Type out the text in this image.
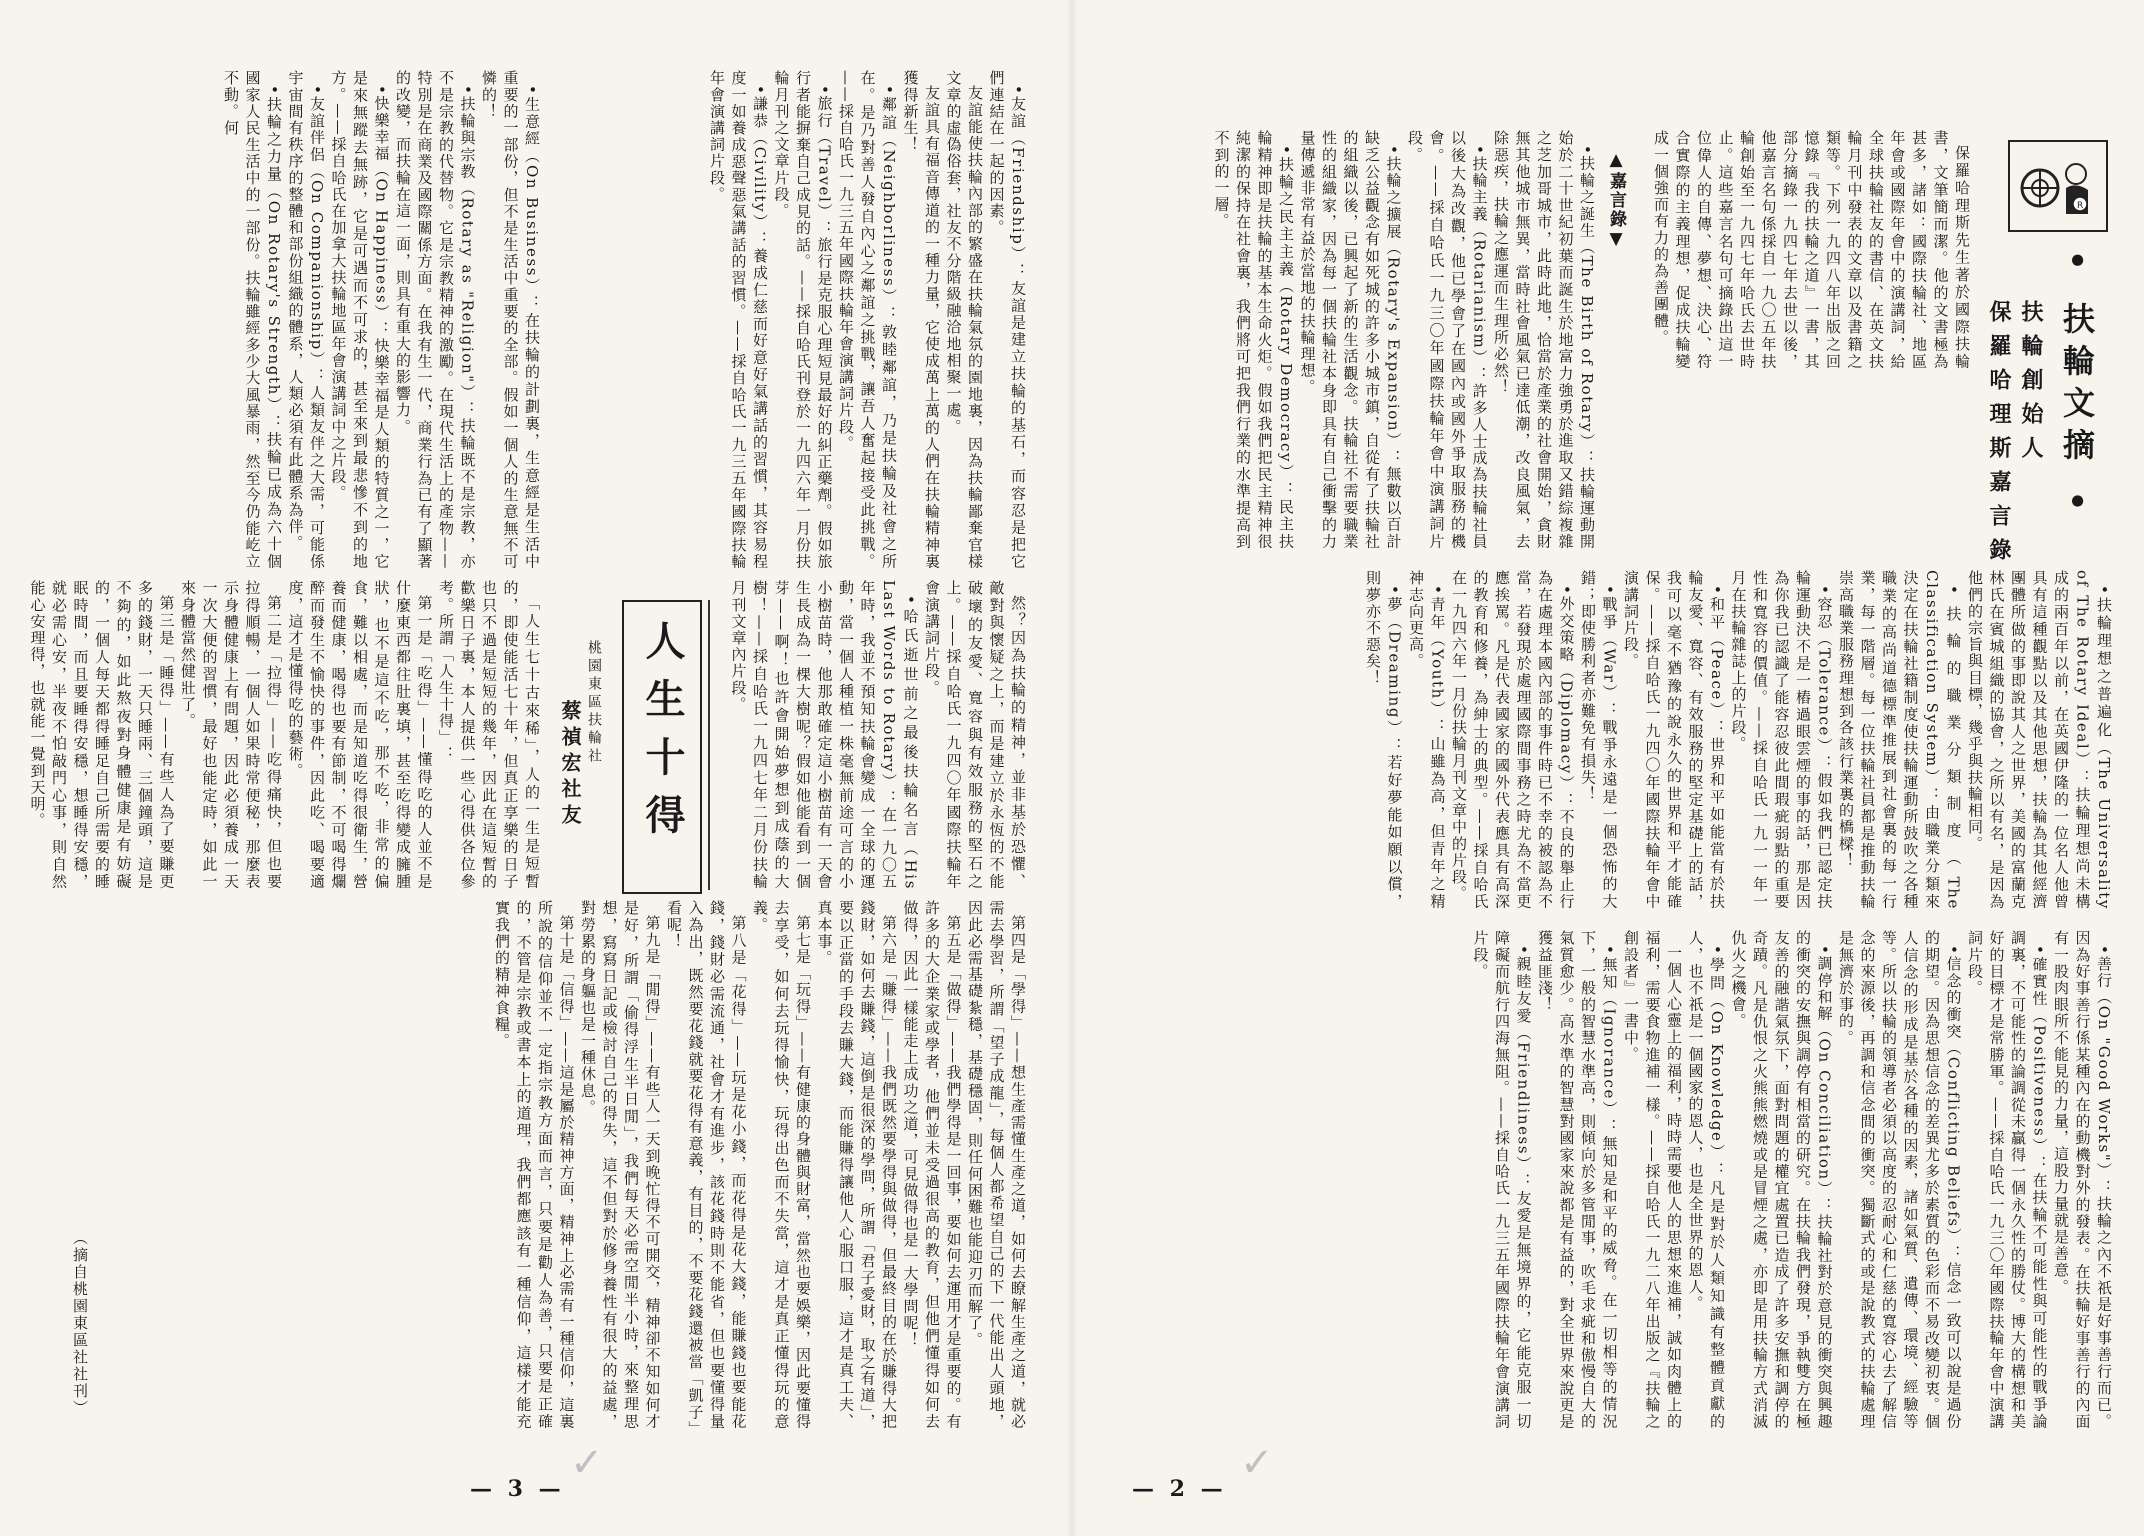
•友誼（Friendship）：友誼是建立扶輪的基石，而容忍是把它們連結在一起的因素。

友誼能使扶輪內部的繁盛在扶輪氣氛的園地裏，因為扶輪鄙棄官樣文章的虛偽俗套，社友不分階級融洽地相聚一處。

友誼具有福音傳道的一種力量，它使成萬上萬的人們在扶輪精神裏獲得新生！

•鄰誼（Neighborliness）：敦睦鄰誼，乃是扶輪及社會之所在。是乃對善人發自內心之鄰誼之挑戰，讓吾人奮起接受此挑戰。——採自哈氏一九三五年國際扶輪年會演講詞片段。

•旅行（Travel）：旅行是克服心理短見最好的糾正藥劑。假如旅行者能摒棄自己成見的話。——採自哈氏刊登於一九四六年一月份扶輪月刊之文章片段。

•謙恭（Civility）：養成仁慈而好意好氣講話的習慣，其容易程度一如養成惡聲惡氣講話的習慣。——採自哈氏一九三五年國際扶輪年會演講詞片段。

•生意經（On Business）：在扶輪的計劃裏，生意經是生活中重要的一部份，但不是生活中重要的全部。假如一個人的生意無不可憐的！

•扶輪與宗教（Rotary as "Religion"）：扶輪既不是宗教，亦不是宗教的代替物。它是宗教精神的激勵。在現代生活上的產物——特別是在商業及國際關係方面。在我有生一代，商業行為已有了顯著的改變，而扶輪在這一面，則具有重大的影響力。

•快樂幸福（On Happiness）：快樂幸福是人類的特質之一，它是來無蹤去無跡，它是可遇而不可求的，甚至來到最悲慘不到的地方。——採自哈氏在加拿大扶輪地區年會演講詞中之片段。

•友誼伴侶（On Companionship）：人類友伴之大需，可能係宇宙間有秩序的整體和部份組織的體系，人類必須有此體系為伴。

•扶輪之力量（On Rotary's Strength）：扶輪已成為六十個國家人民生活中的一部份。扶輪雖經多少大風暴雨，然至今仍能屹立不動。何

然？因為扶輪的精神，並非基於恐懼、敵對與懷疑之上，而是建立於永恆的不能破壞的友愛、寬容與有效服務的堅石之上。——採自哈氏一九四〇年國際扶輪年會演講詞片段。

•哈氏逝世前之最後扶輪名言（His Last Words to Rotary）：在一九〇五年時，我並不預知扶輪會變成一全球的運動，當一個人種植一株毫無前途可言的小小樹苗時，他那敢確定這小樹苗有一天會生長成為一棵大樹呢？假如他能看到一個芽——啊！也許會開始夢想到成蔭的大樹！——採自哈氏一九四七年二月份扶輪月刊文章內片段。

人生十得
桃園東區扶輪社
蔡禎宏社友

「人生七十古來稀」，人的一生是短暫的，即使能活七十年，但真正享樂的日子也只不過是短短的幾年，因此在這短暫的歡樂日子裏，本人提供一些心得供各位參考。所謂「人生十得」：

第一是「吃得」——懂得吃的人並不是什麼東西都往肚裏填，甚至吃得變成臃腫狀，也不是這不吃，那不吃，非常的偏食，難以相處，而是知道吃得很衛生，營養而健康，喝得也要有節制，不可喝得爛醉而發生不愉快的事件，因此吃、喝要適度，這才是懂得吃的藝術。

第二是「拉得」——吃得痛快，但也要拉得順暢，一個人如果時常便秘，那麼表示身體健康上有問題，因此必須養成一天一次大便的習慣，最好也能定時，如此一來身體當然健壯了。

第三是「睡得」——有些人為了要賺更多的錢財，一天只睡兩、三個鐘頭，這是不夠的，如此熬夜對身體健康是有妨礙的，一個人每天都得睡足自己所需要的睡眠時間，而且要睡得安穩，想睡得安穩，就必需心安，半夜不怕敲門心事，則自然能心安理得，也就能一覺到天明。

第四是「學得」——想生產需懂生產之道，如何去瞭解生產之道，就必需去學習，所謂「望子成龍」，每個人都希望自己的下一代能出人頭地，因此必需基礎紮穩，基礎穩固，則任何困難也能迎刃而解了。

第五是「做得」——我們學得是一回事，要如何去運用才是重要的。有許多的大企業家或學者，他們並未受過很高的教育，但他們懂得如何去做得，因此一樣能走上成功之道，可見做得也是一大學問呢！

第六是「賺得」——我們既然要學得與做得，但最終目的在於賺得大把錢財，如何去賺錢，這倒是很深的學問，所謂「君子愛財，取之有道」，要以正當的手段去賺大錢，而能賺得讓他人心服口服，這才是真工夫、真本事。

第七是「玩得」——有健康的身體與財富，當然也要娛樂，因此要懂得去享受，如何去玩得愉快，玩得出色而不失當，這才是真正懂得玩的意義。

第八是「花得」——玩是花小錢，而花得是花大錢，能賺錢也要能花錢，錢財必需流通，社會才有進步，該花錢時則不能省，但也要懂得量入為出，既然要花錢就要花得有意義，有目的，不要花錢還被當「凱子」看呢！

第九是「閒得」——有些人一天到晚忙得不可開交，精神卻不知如何才是好，所謂「偷得浮生半日閒」，我們每天必需空閒半小時，來整理思想，寫寫日記或檢討自己的得失，這不但對於修身養性有很大的益處，對勞累的身軀也是一種休息。

第十是「信得」——這是屬於精神方面，精神上必需有一種信仰，這裏所說的信仰並不一定指宗教方面而言，只要是勸人為善，只要是正確的，不管是宗教或書本上的道理，我們都應該有一種信仰，這樣才能充實我們的精神食糧。

（摘自桃園東區社社刊）
— 3 —
✓
R
• 扶輪文摘 •
扶輪創始人
保羅哈理斯嘉言錄

保羅哈理斯先生著於國際扶輪書，文筆簡而潔。他的文書極為甚多，諸如：國際扶輪社、地區年會或國際年會中的演講詞，給全球扶輪社友的書信、在英文扶輪月刊中發表的文章以及書籍之類等。下列一九四八年出版之回憶錄『我的扶輪之道』一書，其部分摘錄一九四七年去世以後，他嘉言名句係採自一九〇五年扶輪創始至一九四七年哈氏去世時止。這些嘉言名句可摘錄出這一位偉人的自傳、夢想、決心、符合實際的主義理想，促成扶輪變成一個強而有力的為善團體。

▲嘉言錄▼

•扶輪之誕生（The Birth of Rotary）：扶輪運動開始於二十世紀初葉而誕生於地富力強勇於進取又錯綜複雜之芝加哥城市，此時此地，恰當於產業的社會開始，貪財無其他城市無異，當時社會風氣已達低潮，改良風氣，去除惡疾，扶輪之應運而生理所必然！

•扶輪主義（Rotarianism）：許多人士成為扶輪社員以後大為改觀，他已學會了在國內或國外爭取服務的機會。——採自哈氏一九三〇年國際扶輪年會中演講詞片段。

•扶輪之擴展（Rotary's Expansion）：無數以百計缺乏公益觀念有如死城的許多小城市鎮，自從有了扶輪社的組織以後，已興起了新的生活觀念。扶輪社不需要職業性的組織家，因為每一個扶輪社本身即具有自己衝擊的力量傳遞非常有益於當地的扶輪理想。

•扶輪之民主主義（Rotary Democracy）：民主扶輪精神即是扶輪的基本生命火炬。假如我們把民主精神很純潔的保持在社會裏，我們將可把我們行業的水準提高到不到的一層。

•扶輪理想之普遍化（The Universality of The Rotary Ideal）：扶輪理想尚未構成的兩百年以前，在英國伊隆的一位名人他曾具有這種觀點以及其他思想，扶輪為其他經濟團體所做的事即說其人之世界，美國的富蘭克林氏在賓城組織的協會，之所以有名，是因為他們的宗旨與目標，幾乎與扶輪相同。

•扶輪的職業分類制度（The Classification System）：由職業分類來決定在扶輪社籍制度使扶輪運動所鼓吹之各種職業的高尚道德標準推展到社會裏的每一行業，每一階層。每一位扶輪社員都是推動扶輪崇高職業服務理想到各該行業裏的橋樑！

•容忍（Tolerance）：假如我們已認定扶輪運動決不是一樁過眼雲煙的事的話，那是因為你我已認識了能容忍彼此間瑕疵弱點的重要性和寬容的價值。——採自哈氏一九一一年一月在扶輪雜誌上的片段。

•和平（Peace）：世界和平如能當有於扶輪友愛、寬容、有效服務的堅定基礎上的話，我可以毫不猶豫的說永久的世界和平才能確保。——採自哈氏一九四〇年國際扶輪年會中演講詞片段。

•戰爭（War）：戰爭永遠是一個恐怖的大錯；即使勝利者亦難免有損失！

•外交策略（Diplomacy）：不良的舉止行為在處理本國內部的事件時已不幸的被認為不當，若發現於處理國際間事務之時尤為不當更應挨罵。凡是代表國家的國外代表應具有高深的教育和修養，為紳士的典型。——採自哈氏在一九四六年一月份扶輪月刊文章中的片段。

•青年（Youth）：山雖為高，但青年之精神志向更高。

•夢（Dreaming）：若好夢能如願以償，則夢亦不惡矣！

•善行（On "Good Works"）：扶輪之內不祇是好事善行而已。因為好事善行係某種內在的動機對外的發表。在扶輪好事善行的內面有一股肉眼所不能見的力量，這股力量就是善意。

•確實性（Positiveness）：在扶輪不可能性與可能性的戰爭論調裏，不可能性的論調從未贏得一個永久性的勝仗。博大的構想和美好的目標才是常勝軍。——採自哈氏一九三〇年國際扶輪年會中演講詞片段。

•信念的衝突（Conflicting Beliefs）：信念一致可以說是過份的期望。因為思想信念的差異尤多於素質的色彩而不易改變初衷。個人信念的形成是基於各種的因素，諸如氣質、遺傳、環境、經驗等等。所以扶輪的領導者必須以高度的忍耐心和仁慈的寬容心去了解信念的來源後，再調和信念間的衝突。獨斷式的或是說教式的扶輪處理是無濟於事的。

•調停和解（On Conciliation）：扶輪社對於意見的衝突與興趣的衝突的安撫與調停有相當的研究。在扶輪我們發現，爭執雙方在極友善的融諧氣氛下，面對問題的權宜處置已造成了許多安撫和調停的奇蹟。凡是仇恨之火熊熊燃燒或是冒煙之處，亦即是用扶輪方式消滅仇火之機會。

•學問（On Knowledge）：凡是對於人類知識有整體貢獻的人，也不祇是一個國家的恩人，也是全世界的恩人。

一個人心靈上的福利，時時需要他人的思想來進補，誠如肉體上的福利，需要食物進補一樣。——採自哈氏一九二八年出版之『扶輪之創設者』一書中。

•無知（Ignorance）：無知是和平的威脅。在一切相等的情況下，一般的智慧水準高，則傾向於多管閒事，吹毛求疵和傲慢自大的氣質愈少。高水準的智慧對國家來說都是有益的，對全世界來說更是獲益匪淺！

•親睦友愛（Friendliness）：友愛是無境界的，它能克服一切障礙而航行四海無阻。——採自哈氏一九三五年國際扶輪年會演講詞片段。

— 2 —
✓
